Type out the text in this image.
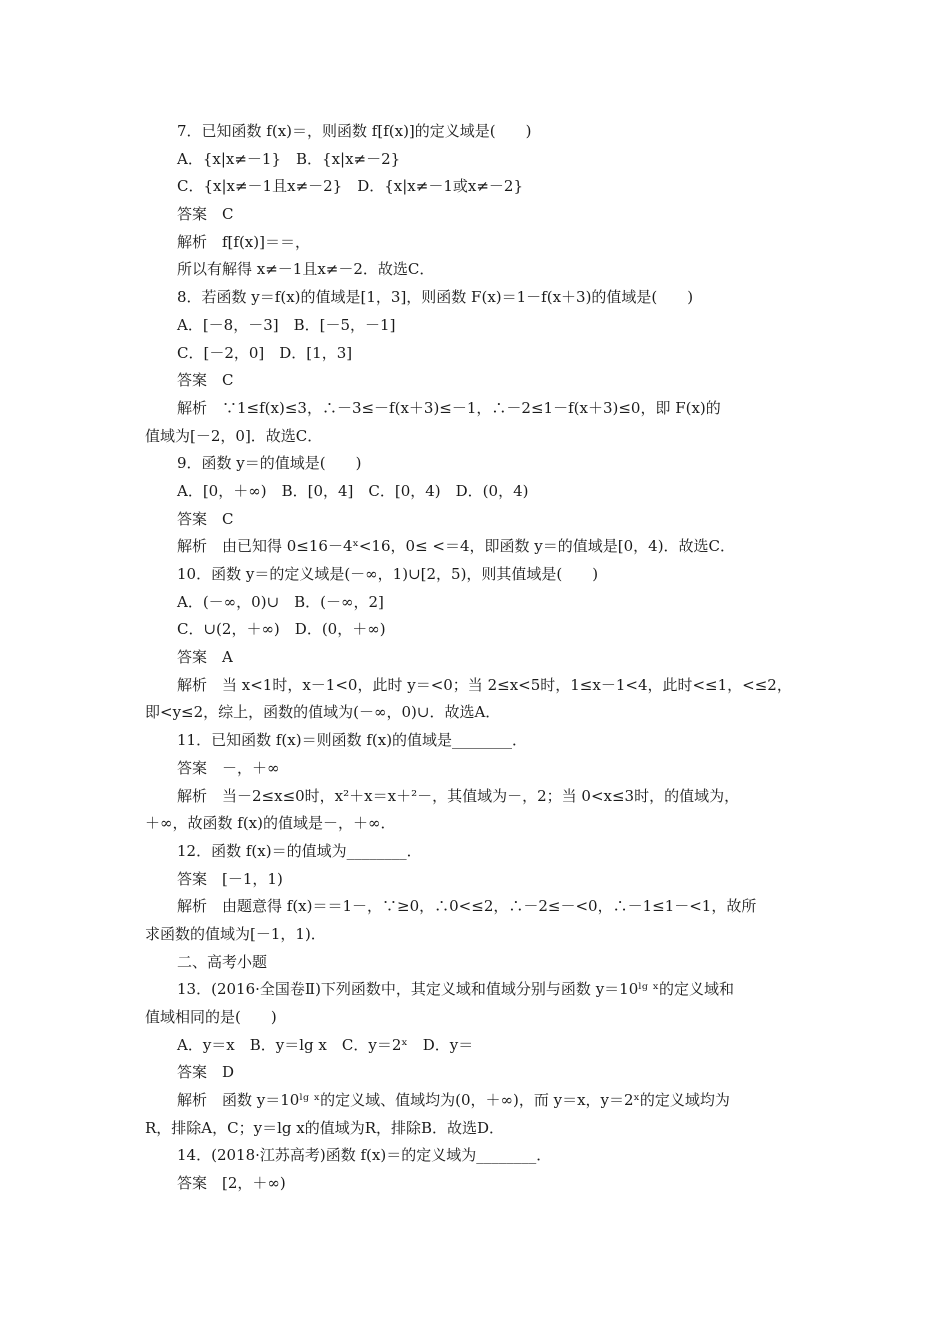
7．已知函数 f(x)＝，则函数 f[f(x)]的定义域是(　　)
A．{x|x≠－1}　B．{x|x≠－2}
C．{x|x≠－1且x≠－2}　D．{x|x≠－1或x≠－2}
答案　C
解析　f[f(x)]＝＝，
所以有解得 x≠－1且x≠－2．故选C．
8．若函数 y＝f(x)的值域是[1，3]，则函数 F(x)＝1－f(x＋3)的值域是(　　)
A．[－8，－3]　B．[－5，－1]
C．[－2，0]　D．[1，3]
答案　C
解析　∵1≤f(x)≤3，∴－3≤－f(x＋3)≤－1，∴－2≤1－f(x＋3)≤0，即 F(x)的
值域为[－2，0]．故选C．
9．函数 y＝的值域是(　　)
A．[0，＋∞)　B．[0，4]　C．[0，4)　D．(0，4)
答案　C
解析　由已知得 0≤16－4ˣ<16，0≤ <＝4，即函数 y＝的值域是[0，4)．故选C．
10．函数 y＝的定义域是(－∞，1)∪[2，5)，则其值域是(　　)
A．(－∞，0)∪　B．(－∞，2]
C．∪(2，＋∞)　D．(0，＋∞)
答案　A
解析　当 x<1时，x－1<0，此时 y＝<0；当 2≤x<5时，1≤x－1<4，此时<≤1，<≤2，
即<y≤2，综上，函数的值域为(－∞，0)∪．故选A．
11．已知函数 f(x)＝则函数 f(x)的值域是________．
答案　－，＋∞
解析　当－2≤x≤0时，x²＋x＝x＋²－，其值域为－，2；当 0<x≤3时，的值域为，
＋∞，故函数 f(x)的值域是－，＋∞．
12．函数 f(x)＝的值域为________．
答案　[－1，1)
解析　由题意得 f(x)＝＝1－，∵≥0，∴0<≤2，∴－2≤－<0，∴－1≤1－<1，故所
求函数的值域为[－1，1)．
二、高考小题
13．(2016·全国卷Ⅱ)下列函数中，其定义域和值域分别与函数 y＝10ˡᵍ ˣ的定义域和
值域相同的是(　　)
A．y＝x　B．y＝lg x　C．y＝2ˣ　D．y＝
答案　D
解析　函数 y＝10ˡᵍ ˣ的定义域、值域均为(0，＋∞)，而 y＝x，y＝2ˣ的定义域均为
R，排除A，C；y＝lg x的值域为R，排除B．故选D．
14．(2018·江苏高考)函数 f(x)＝的定义域为________．
答案　[2，＋∞)
